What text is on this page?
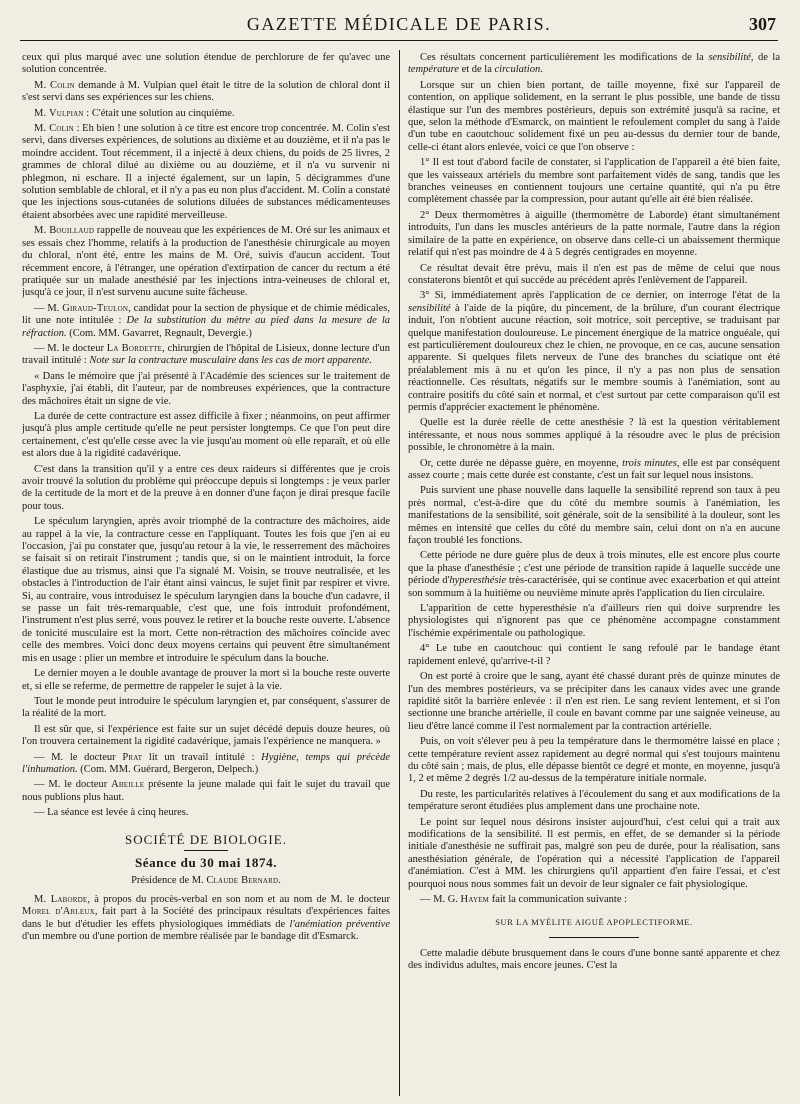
GAZETTE MÉDICALE DE PARIS.	307

ceux qui plus marqué avec une solution étendue de perchlorure de fer qu'avec une solution concentrée.

M. Colin demande à M. Vulpian quel était le titre de la solution de chloral dont il s'est servi dans ses expériences sur les chiens.

M. Vulpian : C'était une solution au cinquième.

M. Colin : Eh bien ! une solution à ce titre est encore trop concentrée. M. Colin s'est servi, dans diverses expériences, de solutions au dixième et au douzième, et il n'a pas le moindre accident. Tout récemment, il a injecté à deux chiens, du poids de 25 livres, 2 grammes de chloral dilué au dixième ou au douzième, et il n'a vu survenir ni phlegmon, ni eschare. Il a injecté également, sur un lapin, 5 décigrammes d'une solution semblable de chloral, et il n'y a pas eu non plus d'accident. M. Colin a constaté que les injections sous-cutanées de solutions diluées de substances médicamenteuses étaient absorbées avec une rapidité merveilleuse.

M. Bouillaud rappelle de nouveau que les expériences de M. Oré sur les animaux et ses essais chez l'homme, relatifs à la production de l'anesthésie chirurgicale au moyen du chloral, n'ont été, entre les mains de M. Oré, suivis d'aucun accident. Tout récemment encore, à l'étranger, une opération d'extirpation de cancer du rectum a été pratiquée sur un malade anesthésié par les injections intra-veineuses de chloral et, jusqu'à ce jour, il n'est survenu aucune suite fâcheuse.

— M. Giraud-Teulon, candidat pour la section de physique et de chimie médicales, lit une note intitulée : De la substitution du mètre au pied dans la mesure de la réfraction. (Com. MM. Gavarret, Regnault, Devergie.)

— M. le docteur La Bordette, chirurgien de l'hôpital de Lisieux, donne lecture d'un travail intitulé : Note sur la contracture musculaire dans les cas de mort apparente.

« Dans le mémoire que j'ai présenté à l'Académie des sciences sur le traitement de l'asphyxie, j'ai établi, dit l'auteur, par de nombreuses expériences, que la contracture des mâchoires était un signe de vie.

La durée de cette contracture est assez difficile à fixer ; néanmoins, on peut affirmer jusqu'à plus ample certitude qu'elle ne peut persister longtemps. Ce que l'on peut dire certainement, c'est qu'elle cesse avec la vie jusqu'au moment où elle reparaît, et où elle est alors due à la rigidité cadavérique.

C'est dans la transition qu'il y a entre ces deux raideurs si différentes que je crois avoir trouvé la solution du problème qui préoccupe depuis si longtemps : je veux parler de la certitude de la mort et de la preuve à en donner d'une façon je dirai presque facile pour tous.

Le spéculum laryngien, après avoir triomphé de la contracture des mâchoires, aide au rappel à la vie, la contracture cesse en l'appliquant. Toutes les fois que j'en ai eu l'occasion, j'ai pu constater que, jusqu'au retour à la vie, le resserrement des mâchoires se faisait si on retirait l'instrument ; tandis que, si on le maintient introduit, la force élastique due au trismus, ainsi que l'a signalé M. Voisin, se trouve neutralisée, et les obstacles à l'introduction de l'air étant ainsi vaincus, le sujet finit par respirer et vivre. Si, au contraire, vous introduisez le spéculum laryngien dans la bouche d'un cadavre, il se passe un fait très-remarquable, c'est que, une fois introduit profondément, l'instrument n'est plus serré, vous pouvez le retirer et la bouche reste ouverte. L'absence de tonicité musculaire est la mort. Cette non-rétraction des mâchoires coïncide avec celle des membres. Voici donc deux moyens certains qui peuvent être simultanément mis en usage : plier un membre et introduire le spéculum dans la bouche.

Le dernier moyen a le double avantage de prouver la mort si la bouche reste ouverte et, si elle se referme, de permettre de rappeler le sujet à la vie.

Tout le monde peut introduire le spéculum laryngien et, par conséquent, s'assurer de la réalité de la mort.

Il est sûr que, si l'expérience est faite sur un sujet décédé depuis douze heures, où l'on trouvera certainement la rigidité cadavérique, jamais l'expérience ne manquera. »

— M. le docteur Prat lit un travail intitulé : Hygiène, temps qui précède l'inhumation. (Com. MM. Guérard, Bergeron, Delpech.)

— M. le docteur Abeille présente la jeune malade qui fait le sujet du travail que nous publions plus haut.

— La séance est levée à cinq heures.

SOCIÉTÉ DE BIOLOGIE.
Séance du 30 mai 1874.
Présidence de M. Claude Bernard.

M. Laborde, à propos du procès-verbal en son nom et au nom de M. le docteur Morel d'Arleux, fait part à la Société des principaux résultats d'expériences faites dans le but d'étudier les effets physiologiques immédiats de l'anémiation préventive d'un membre ou d'une portion de membre réalisée par le bandage dit d'Esmarck.

Ces résultats concernent particulièrement les modifications de la sensibilité, de la température et de la circulation.

Lorsque sur un chien bien portant, de taille moyenne, fixé sur l'appareil de contention, on applique solidement, en la serrant le plus possible, une bande de tissu élastique sur l'un des membres postérieurs, depuis son extrémité jusqu'à sa racine, et que, selon la méthode d'Esmarck, on maintient le refoulement complet du sang à l'aide d'un tube en caoutchouc solidement fixé un peu au-dessus du dernier tour de bande, celle-ci étant alors enlevée, voici ce que l'on observe :

1° Il est tout d'abord facile de constater, si l'application de l'appareil a été bien faite, que les vaisseaux artériels du membre sont parfaitement vidés de sang, tandis que les branches veineuses en contiennent toujours une certaine quantité, qui n'a pu être complètement chassée par la compression, pour autant qu'elle ait été bien réalisée.

2° Deux thermomètres à aiguille (thermomètre de Laborde) étant simultanément introduits, l'un dans les muscles antérieurs de la patte normale, l'autre dans la région similaire de la patte en expérience, on observe dans celle-ci un abaissement thermique relatif qui n'est pas moindre de 4 à 5 degrés centigrades en moyenne.

Ce résultat devait être prévu, mais il n'en est pas de même de celui que nous constaterons bientôt et qui succède au précédent après l'enlèvement de l'appareil.

3° Si, immédiatement après l'application de ce dernier, on interroge l'état de la sensibilité à l'aide de la piqûre, du pincement, de la brûlure, d'un courant électrique induit, l'on n'obtient aucune réaction, soit motrice, soit perceptive, se traduisant par quelque manifestation douloureuse. Le pincement énergique de la matrice onguéale, qui est particulièrement douloureux chez le chien, ne provoque, en ce cas, aucune sensation apparente. Si quelques filets nerveux de l'une des branches du sciatique ont été préalablement mis à nu et qu'on les pince, il n'y a pas non plus de sensation réactionnelle. Ces résultats, négatifs sur le membre soumis à l'anémiation, sont au contraire positifs du côté sain et normal, et c'est surtout par cette comparaison qu'il est permis d'apprécier exactement le phénomène.

Quelle est la durée réelle de cette anesthésie ? là est la question véritablement intéressante, et nous nous sommes appliqué à la résoudre avec le plus de précision possible, le chronomètre à la main.

Or, cette durée ne dépasse guère, en moyenne, trois minutes, elle est par conséquent assez courte ; mais cette durée est constante, c'est un fait sur lequel nous insistons.

Puis survient une phase nouvelle dans laquelle la sensibilité reprend son taux à peu près normal, c'est-à-dire que du côté du membre soumis à l'anémiation, les manifestations de la sensibilité, soit générale, soit de la sensibilité à la douleur, sont les mêmes en intensité que celles du côté du membre sain, celui dont on n'a en aucune façon troublé les fonctions.

Cette période ne dure guère plus de deux à trois minutes, elle est encore plus courte que la phase d'anesthésie ; c'est une période de transition rapide à laquelle succède une période d'hyperesthésie très-caractérisée, qui se continue avec exacerbation et qui atteint son sommum à la huitième ou neuvième minute après l'application du lien circulaire.

L'apparition de cette hyperesthésie n'a d'ailleurs rien qui doive surprendre les physiologistes qui n'ignorent pas que ce phénomène accompagne constamment l'ischémie expérimentale ou pathologique.

4° Le tube en caoutchouc qui contient le sang refoulé par le bandage étant rapidement enlevé, qu'arrive-t-il ?

On est porté à croire que le sang, ayant été chassé durant près de quinze minutes de l'un des membres postérieurs, va se précipiter dans les canaux vides avec une grande rapidité sitôt la barrière enlevée : il n'en est rien. Le sang revient lentement, et si l'on sectionne une branche artérielle, il coule en bavant comme par une saignée veineuse, au lieu d'être lancé comme il l'est normalement par la contraction artérielle.

Puis, on voit s'élever peu à peu la température dans le thermomètre laissé en place ; cette température revient assez rapidement au degré normal qui s'est toujours maintenu du côté sain ; mais, de plus, elle dépasse bientôt ce degré et monte, en moyenne, jusqu'à 1, 2 et même 2 degrés 1/2 au-dessus de la température initiale normale.

Du reste, les particularités relatives à l'écoulement du sang et aux modifications de la température seront étudiées plus amplement dans une prochaine note.

Le point sur lequel nous désirons insister aujourd'hui, c'est celui qui a trait aux modifications de la sensibilité. Il est permis, en effet, de se demander si la période initiale d'anesthésie ne suffirait pas, malgré son peu de durée, pour la réalisation, sans anesthésiation générale, de l'opération qui a nécessité l'application de l'appareil d'anémiation. C'est à MM. les chirurgiens qu'il appartient d'en faire l'essai, et c'est pourquoi nous nous sommes fait un devoir de leur signaler ce fait physiologique.

— M. G. Hayem fait la communication suivante :

SUR LA MYÉLITE AIGUË APOPLECTIFORME.

Cette maladie débute brusquement dans le cours d'une bonne santé apparente et chez des individus adultes, mais encore jeunes. C'est la
